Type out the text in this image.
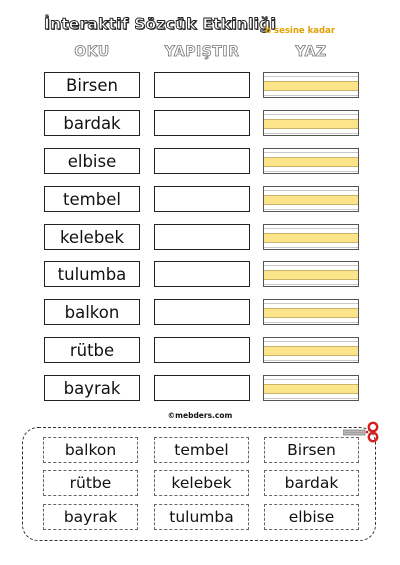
İnteraktif Sözcük Etkinliği
b sesine kadar
OKU	YAPIŞTIR	YAZ
Birsen
bardak
elbise
tembel
kelebek
tulumba
balkon
rütbe
bayrak
©mebders.com
balkon	tembel	Birsen
rütbe	kelebek	bardak
bayrak	tulumba	elbise
